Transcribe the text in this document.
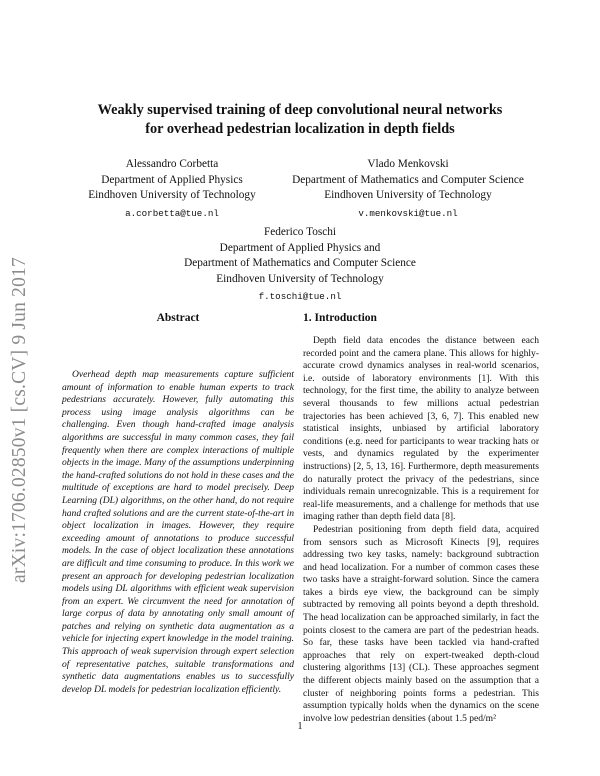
arXiv:1706.02850v1 [cs.CV] 9 Jun 2017
Weakly supervised training of deep convolutional neural networks
for overhead pedestrian localization in depth fields
Alessandro Corbetta
Department of Applied Physics
Eindhoven University of Technology
a.corbetta@tue.nl
Vlado Menkovski
Department of Mathematics and Computer Science
Eindhoven University of Technology
v.menkovski@tue.nl
Federico Toschi
Department of Applied Physics and
Department of Mathematics and Computer Science
Eindhoven University of Technology
f.toschi@tue.nl
Abstract

Overhead depth map measurements capture sufficient amount of information to enable human experts to track pedestrians accurately. However, fully automating this process using image analysis algorithms can be challenging. Even though hand-crafted image analysis algorithms are successful in many common cases, they fail frequently when there are complex interactions of multiple objects in the image. Many of the assumptions underpinning the hand-crafted solutions do not hold in these cases and the multitude of exceptions are hard to model precisely. Deep Learning (DL) algorithms, on the other hand, do not require hand crafted solutions and are the current state-of-the-art in object localization in images. However, they require exceeding amount of annotations to produce successful models. In the case of object localization these annotations are difficult and time consuming to produce. In this work we present an approach for developing pedestrian localization models using DL algorithms with efficient weak supervision from an expert. We circumvent the need for annotation of large corpus of data by annotating only small amount of patches and relying on synthetic data augmentation as a vehicle for injecting expert knowledge in the model training. This approach of weak supervision through expert selection of representative patches, suitable transformations and synthetic data augmentations enables us to successfully develop DL models for pedestrian localization efficiently.

1. Introduction

Depth field data encodes the distance between each recorded point and the camera plane. This allows for highly-accurate crowd dynamics analyses in real-world scenarios, i.e. outside of laboratory environments [1]. With this technology, for the first time, the ability to analyze between several thousands to few millions actual pedestrian trajectories has been achieved [3, 6, 7]. This enabled new statistical insights, unbiased by artificial laboratory conditions (e.g. need for participants to wear tracking hats or vests, and dynamics regulated by the experimenter instructions) [2, 5, 13, 16]. Furthermore, depth measurements do naturally protect the privacy of the pedestrians, since individuals remain unrecognizable. This is a requirement for real-life measurements, and a challenge for methods that use imaging rather than depth field data [8].

Pedestrian positioning from depth field data, acquired from sensors such as Microsoft Kinects [9], requires addressing two key tasks, namely: background subtraction and head localization. For a number of common cases these two tasks have a straight-forward solution. Since the camera takes a birds eye view, the background can be simply subtracted by removing all points beyond a depth threshold. The head localization can be approached similarly, in fact the points closest to the camera are part of the pedestrian heads. So far, these tasks have been tackled via hand-crafted approaches that rely on expert-tweaked depth-cloud clustering algorithms [13] (CL). These approaches segment the different objects mainly based on the assumption that a cluster of neighboring points forms a pedestrian. This assumption typically holds when the dynamics on the scene involve low pedestrian densities (about 1.5 ped/m²

1
